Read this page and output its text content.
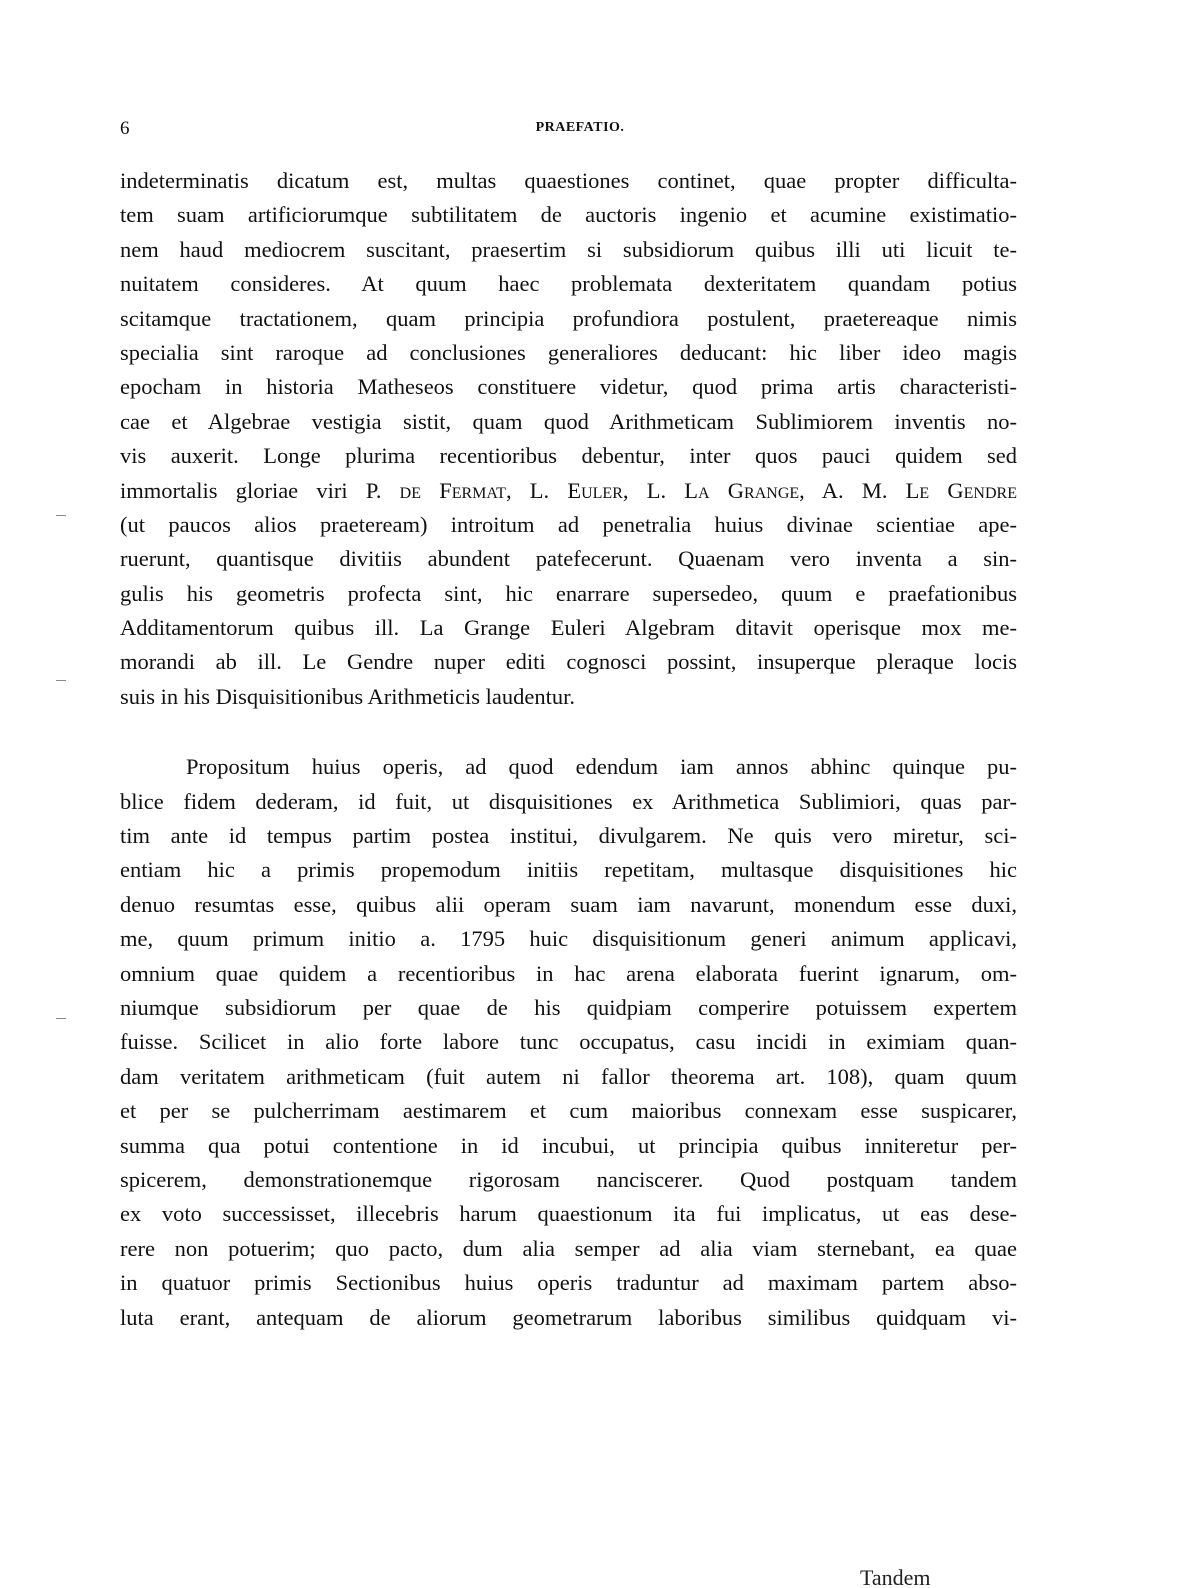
6	PRAEFATIO.
indeterminatis dicatum est, multas quaestiones continet, quae propter difficulta-
tem suam artificiorumque subtilitatem de auctoris ingenio et acumine existimatio-
nem haud mediocrem suscitant, praesertim si subsidiorum quibus illi uti licuit te-
nuitatem consideres. At quum haec problemata dexteritatem quandam potius
scitamque tractationem, quam principia profundiora postulent, praetereaque nimis
specialia sint raroque ad conclusiones generaliores deducant: hic liber ideo magis
epocham in historia Matheseos constituere videtur, quod prima artis characteristi-
cae et Algebrae vestigia sistit, quam quod Arithmeticam Sublimiorem inventis no-
vis auxerit. Longe plurima recentioribus debentur, inter quos pauci quidem sed
immortalis gloriae viri P. de Fermat, L. Euler, L. La Grange, A. M. Le Gendre
(ut paucos alios praeteream) introitum ad penetralia huius divinae scientiae ape-
ruerunt, quantisque divitiis abundent patefecerunt. Quaenam vero inventa a sin-
gulis his geometris profecta sint, hic enarrare supersedeo, quum e praefationibus
Additamentorum quibus ill. La Grange Euleri Algebram ditavit operisque mox me-
morandi ab ill. Le Gendre nuper editi cognosci possint, insuperque pleraque locis
suis in his Disquisitionibus Arithmeticis laudentur.
Propositum huius operis, ad quod edendum iam annos abhinc quinque pu-
blice fidem dederam, id fuit, ut disquisitiones ex Arithmetica Sublimiori, quas par-
tim ante id tempus partim postea institui, divulgarem. Ne quis vero miretur, sci-
entiam hic a primis propemodum initiis repetitam, multasque disquisitiones hic
denuo resumtas esse, quibus alii operam suam iam navarunt, monendum esse duxi,
me, quum primum initio a. 1795 huic disquisitionum generi animum applicavi,
omnium quae quidem a recentioribus in hac arena elaborata fuerint ignarum, om-
niumque subsidiorum per quae de his quidpiam comperire potuissem expertem
fuisse. Scilicet in alio forte labore tunc occupatus, casu incidi in eximiam quan-
dam veritatem arithmeticam (fuit autem ni fallor theorema art. 108), quam quum
et per se pulcherrimam aestimarem et cum maioribus connexam esse suspicarer,
summa qua potui contentione in id incubui, ut principia quibus inniteretur per-
spicerem, demonstrationemque rigorosam nanciscerer. Quod postquam tandem
ex voto successisset, illecebris harum quaestionum ita fui implicatus, ut eas dese-
rere non potuerim; quo pacto, dum alia semper ad alia viam sternebant, ea quae
in quatuor primis Sectionibus huius operis traduntur ad maximam partem abso-
luta erant, antequam de aliorum geometrarum laboribus similibus quidquam vi-
Tandem
